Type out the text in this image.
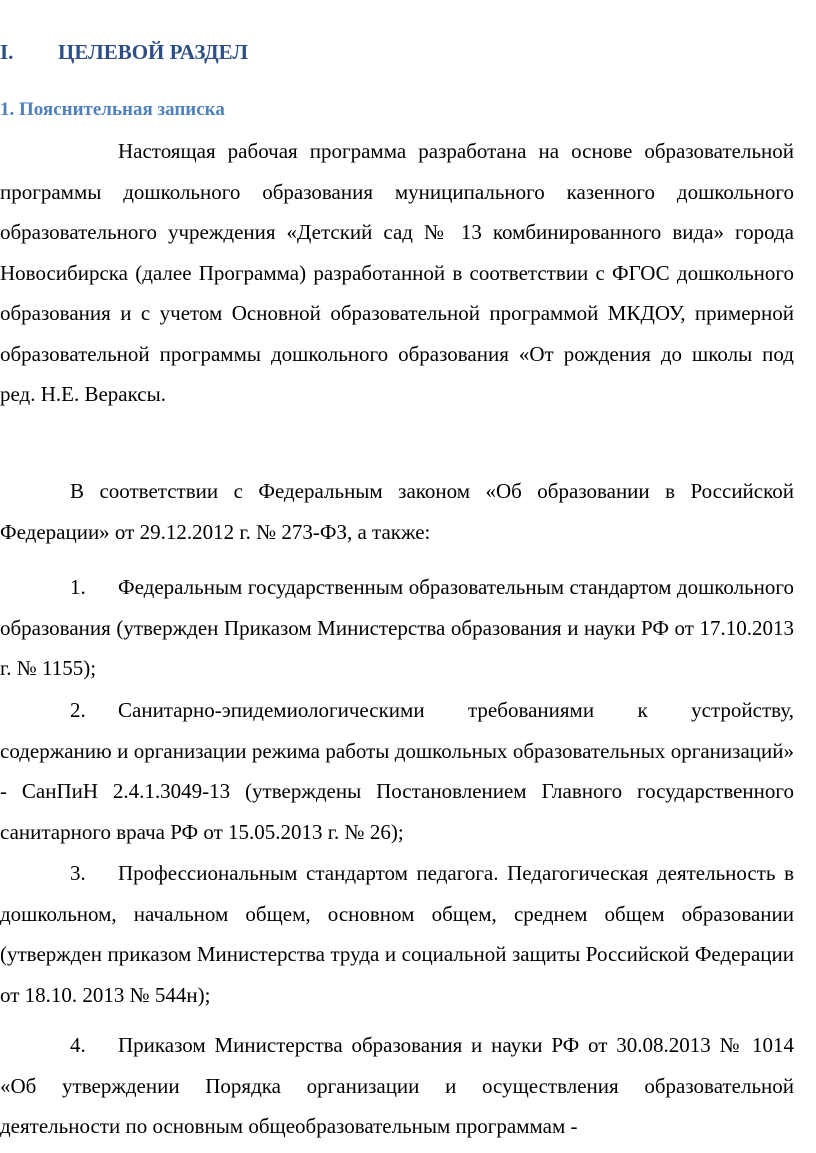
I. ЦЕЛЕВОЙ РАЗДЕЛ
1. Пояснительная записка

Настоящая рабочая программа разработана на основе образовательной программы дошкольного образования муниципального казенного дошкольного образовательного учреждения «Детский сад № 13 комбинированного вида» города Новосибирска (далее Программа) разработанной в соответствии с ФГОС дошкольного образования и с учетом Основной образовательной программой МКДОУ, примерной образовательной программы дошкольного образования «От рождения до школы под ред. Н.Е. Вераксы.

В соответствии с Федеральным законом «Об образовании в Российской Федерации» от 29.12.2012 г. № 273-ФЗ, а также:

1. Федеральным государственным образовательным стандартом дошкольного образования (утвержден Приказом Министерства образования и науки РФ от 17.10.2013 г. № 1155);

2. Санитарно-эпидемиологическими требованиями к устройству, содержанию и организации режима работы дошкольных образовательных организаций» - СанПиН 2.4.1.3049-13 (утверждены Постановлением Главного государственного санитарного врача РФ от 15.05.2013 г. № 26);

3. Профессиональным стандартом педагога. Педагогическая деятельность в дошкольном, начальном общем, основном общем, среднем общем образовании (утвержден приказом Министерства труда и социальной защиты Российской Федерации от 18.10. 2013 № 544н);

4. Приказом Министерства образования и науки РФ от 30.08.2013 № 1014 «Об утверждении Порядка организации и осуществления образовательной деятельности по основным общеобразовательным программам -
